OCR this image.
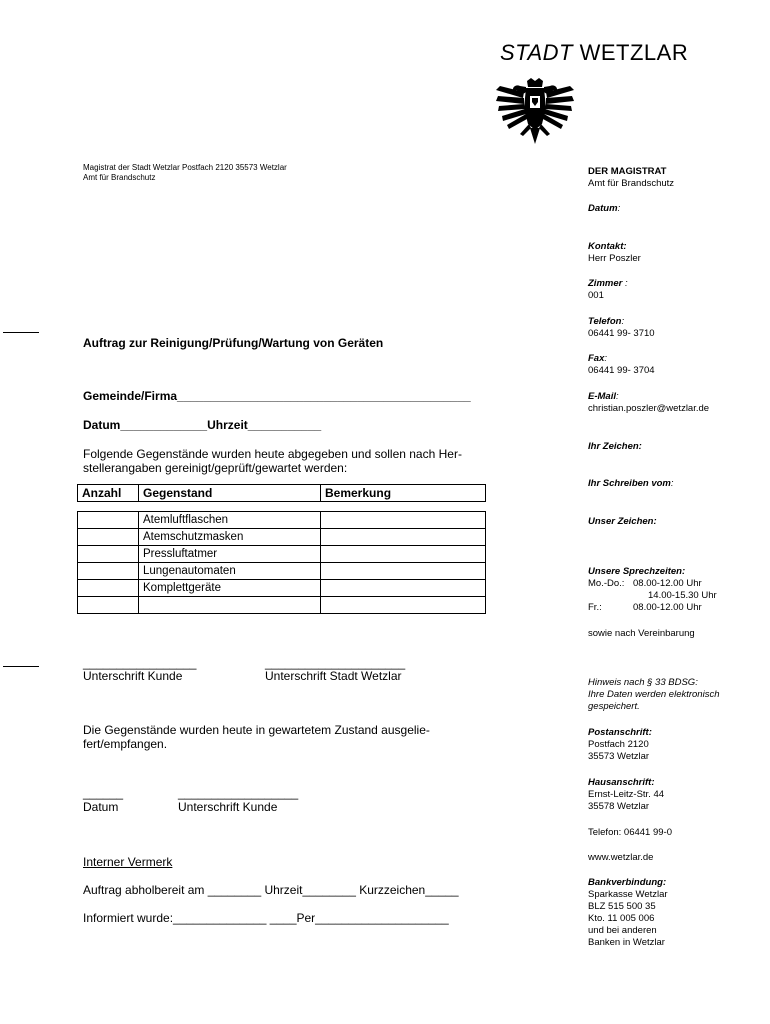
STADT WETZLAR
Magistrat der Stadt Wetzlar Postfach 2120 35573 Wetzlar
Amt für Brandschutz
Auftrag zur Reinigung/Prüfung/Wartung von Geräten
Gemeinde/Firma____________________________________________
Datum_____________Uhrzeit___________
Folgende Gegenstände wurden heute abgegeben und sollen nach Her-
stellerangaben gereinigt/geprüft/gewartet werden:
Anzahl	Gegenstand	Bemerkung
	Atemluftflaschen	
	Atemschutzmasken	
	Pressluftatmer	
	Lungenautomaten	
	Komplettgeräte	

_________________	_____________________
Unterschrift Kunde	Unterschrift Stadt Wetzlar
Die Gegenstände wurden heute in gewartetem Zustand ausgelie-
fert/empfangen.
______	__________________
Datum	Unterschrift Kunde
Interner Vermerk
Auftrag abholbereit am ________ Uhrzeit________ Kurzzeichen_____
Informiert wurde:______________ ____Per____________________
DER MAGISTRAT
Amt für Brandschutz
Datum:
Kontakt:
Herr Poszler
Zimmer :
001
Telefon:
06441 99- 3710
Fax:
06441 99- 3704
E-Mail:
christian.poszler@wetzlar.de
Ihr Zeichen:
Ihr Schreiben vom:
Unser Zeichen:
Unsere Sprechzeiten:
Mo.-Do.:	08.00-12.00 Uhr
	14.00-15.30 Uhr
Fr.:	08.00-12.00 Uhr
sowie nach Vereinbarung
Hinweis nach § 33 BDSG:
Ihre Daten werden elektronisch
gespeichert.
Postanschrift:
Postfach 2120
35573 Wetzlar
Hausanschrift:
Ernst-Leitz-Str. 44
35578 Wetzlar
Telefon: 06441 99-0
www.wetzlar.de
Bankverbindung:
Sparkasse Wetzlar
BLZ 515 500 35
Kto. 11 005 006
und bei anderen
Banken in Wetzlar
